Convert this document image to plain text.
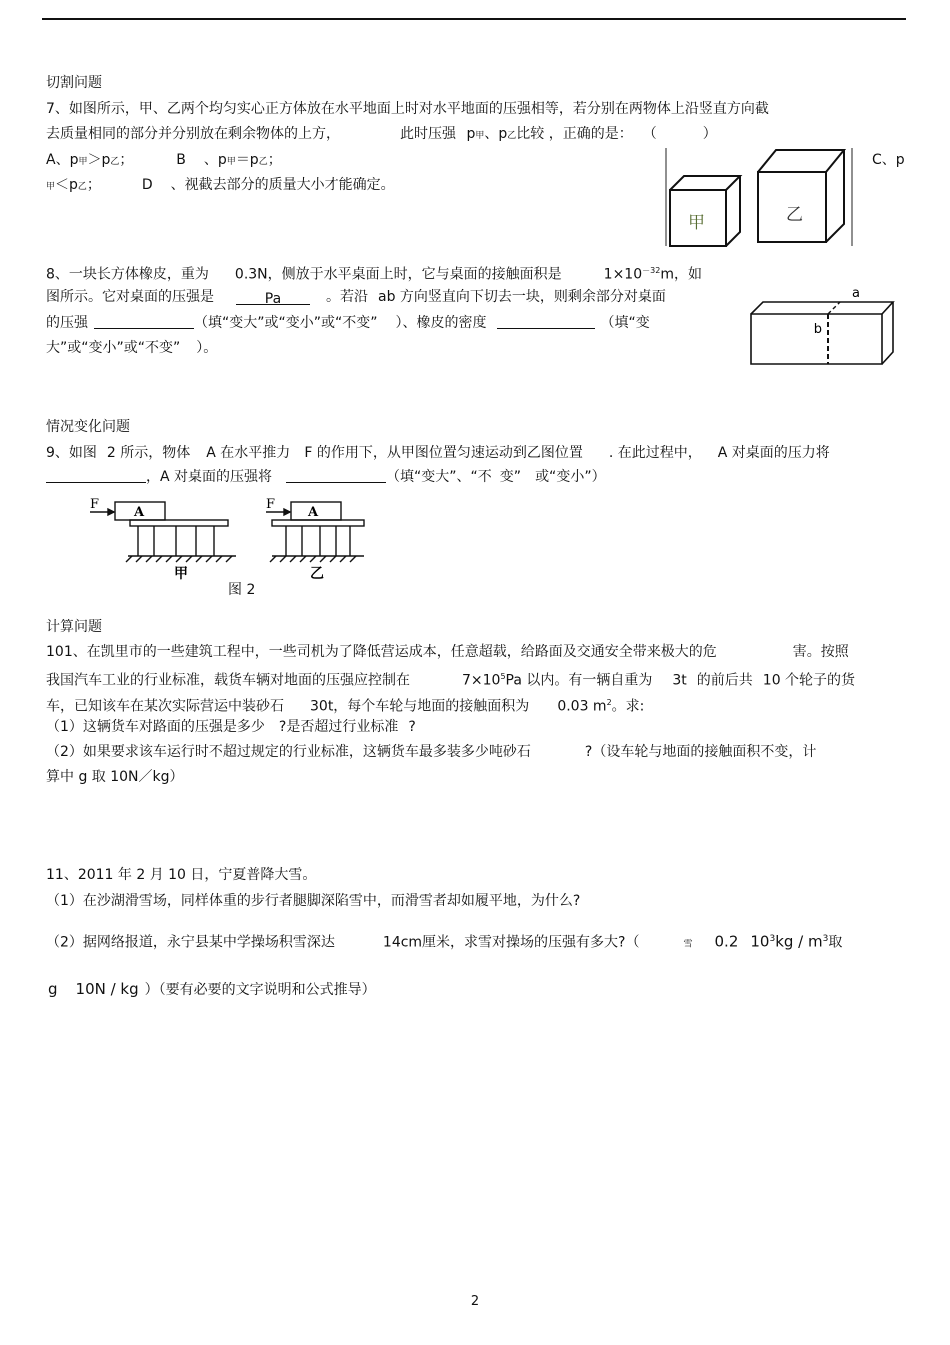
切割问题
7、如图所示，甲、乙两个均匀实心正方体放在水平地面上时对水平地面的压强相等，若分别在两物体上沿竖直方向截
去质量相同的部分并分别放在剩余物体的上方，	此时压强 p甲、p乙比较 ，正确的是： （	）
A、p甲＞p乙；	B 、p甲＝p乙；	C、p
甲＜p乙；	D 、视截去部分的质量大小才能确定。
甲	乙
8、一块长方体橡皮，重为 0.3N，侧放于水平桌面上时，它与桌面的接触面积是	$1\times 10^{-32}m$，如
图所示。它对桌面的压强是	Pa	。若沿 ab 方向竖直向下切去一块，则剩余部分对桌面
的压强	（填“变大”或“变小”或“不变” ）、橡皮的密度	（填“变
大”或“变小”或“不变” ）。
a
b
情况变化问题
9、如图 2 所示，物体 A 在水平推力 F 的作用下，从甲图位置匀速运动到乙图位置 . 在此过程中， A 对桌面的压力将
，A 对桌面的压强将	（填“变大”、“不 变” 或“变小”）
F
A
甲
F
A
乙
图 2
计算问题
101、在凯里市的一些建筑工程中，一些司机为了降低营运成本，任意超载，给路面及交通安全带来极大的危	害。按照
我国汽车工业的行业标准，载货车辆对地面的压强应控制在	$7\times 10^5Pa$ 以内。有一辆自重为 3t 的前后共 10 个轮子的货
车，已知该车在某次实际营运中装砂石 30t，每个车轮与地面的接触面积为 0.03 $m^2$。求:
（1）这辆货车对路面的压强是多少 ?是否超过行业标准 ?
（2）如果要求该车运行时不超过规定的行业标准，这辆货车最多装多少吨砂石	?（设车轮与地面的接触面积不变，计
算中 g 取 10N／kg）
11、2011 年 2 月 10 日，宁夏普降大雪。
（1）在沙湖滑雪场，同样体重的步行者腿脚深陷雪中，而滑雪者却如履平地，为什么?
（2）据网络报道，永宁县某中学操场积雪深达	14cm厘米，求雪对操场的压强有多大?（	雪 0.2 $10^3kg / m^3$取
g 10N / kg ）（要有必要的文字说明和公式推导）
2
